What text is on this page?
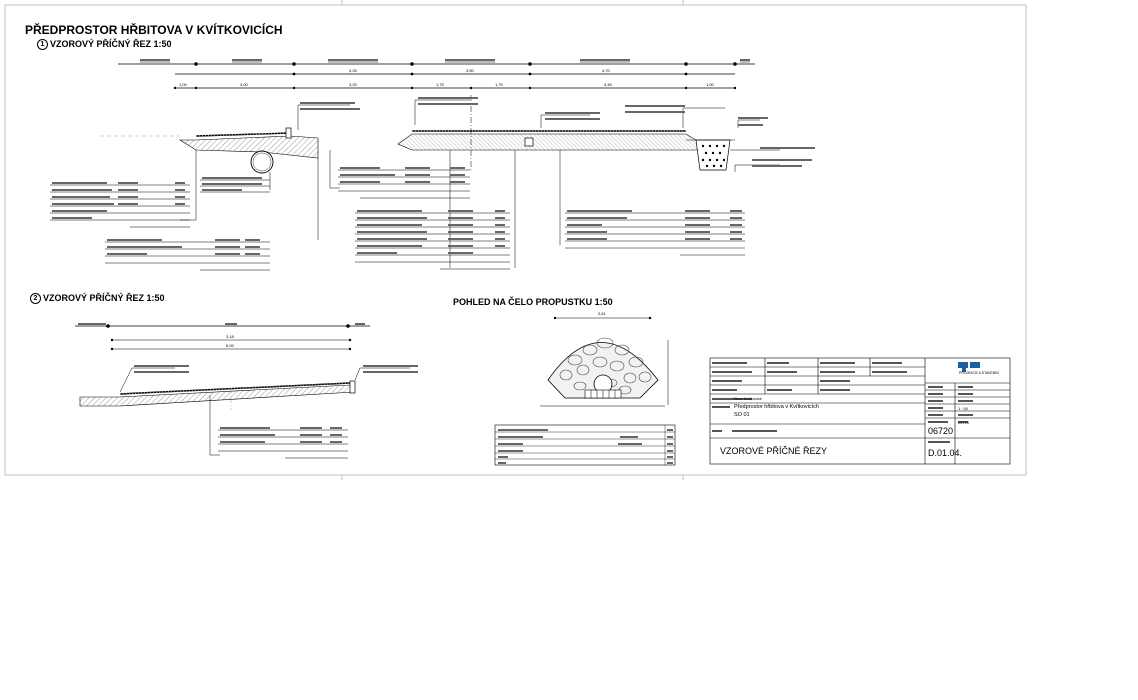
PŘEDPROSTOR HŘBITOVA V KVÍTKOVICÍCH
1 VZOROVÝ PŘÍČNÝ ŘEZ 1:50
2 VZOROVÝ PŘÍČNÝ ŘEZ 1:50	POHLED NA ČELO PROPUSTKU 1:50
3,25	3,50	4,70
1,00	3,00	3,25	1,75	1,75	4,45	1,00
3,18
6,09
2,61
PROJEKCE A STAVEBNÍ
Předprostor hřbitova v Kvítkovicích
SO 01
VZOROVÉ PŘÍČNÉ ŘEZY
06720
D.01.04.
1 : 50
Obec Kvítkovice
06720
